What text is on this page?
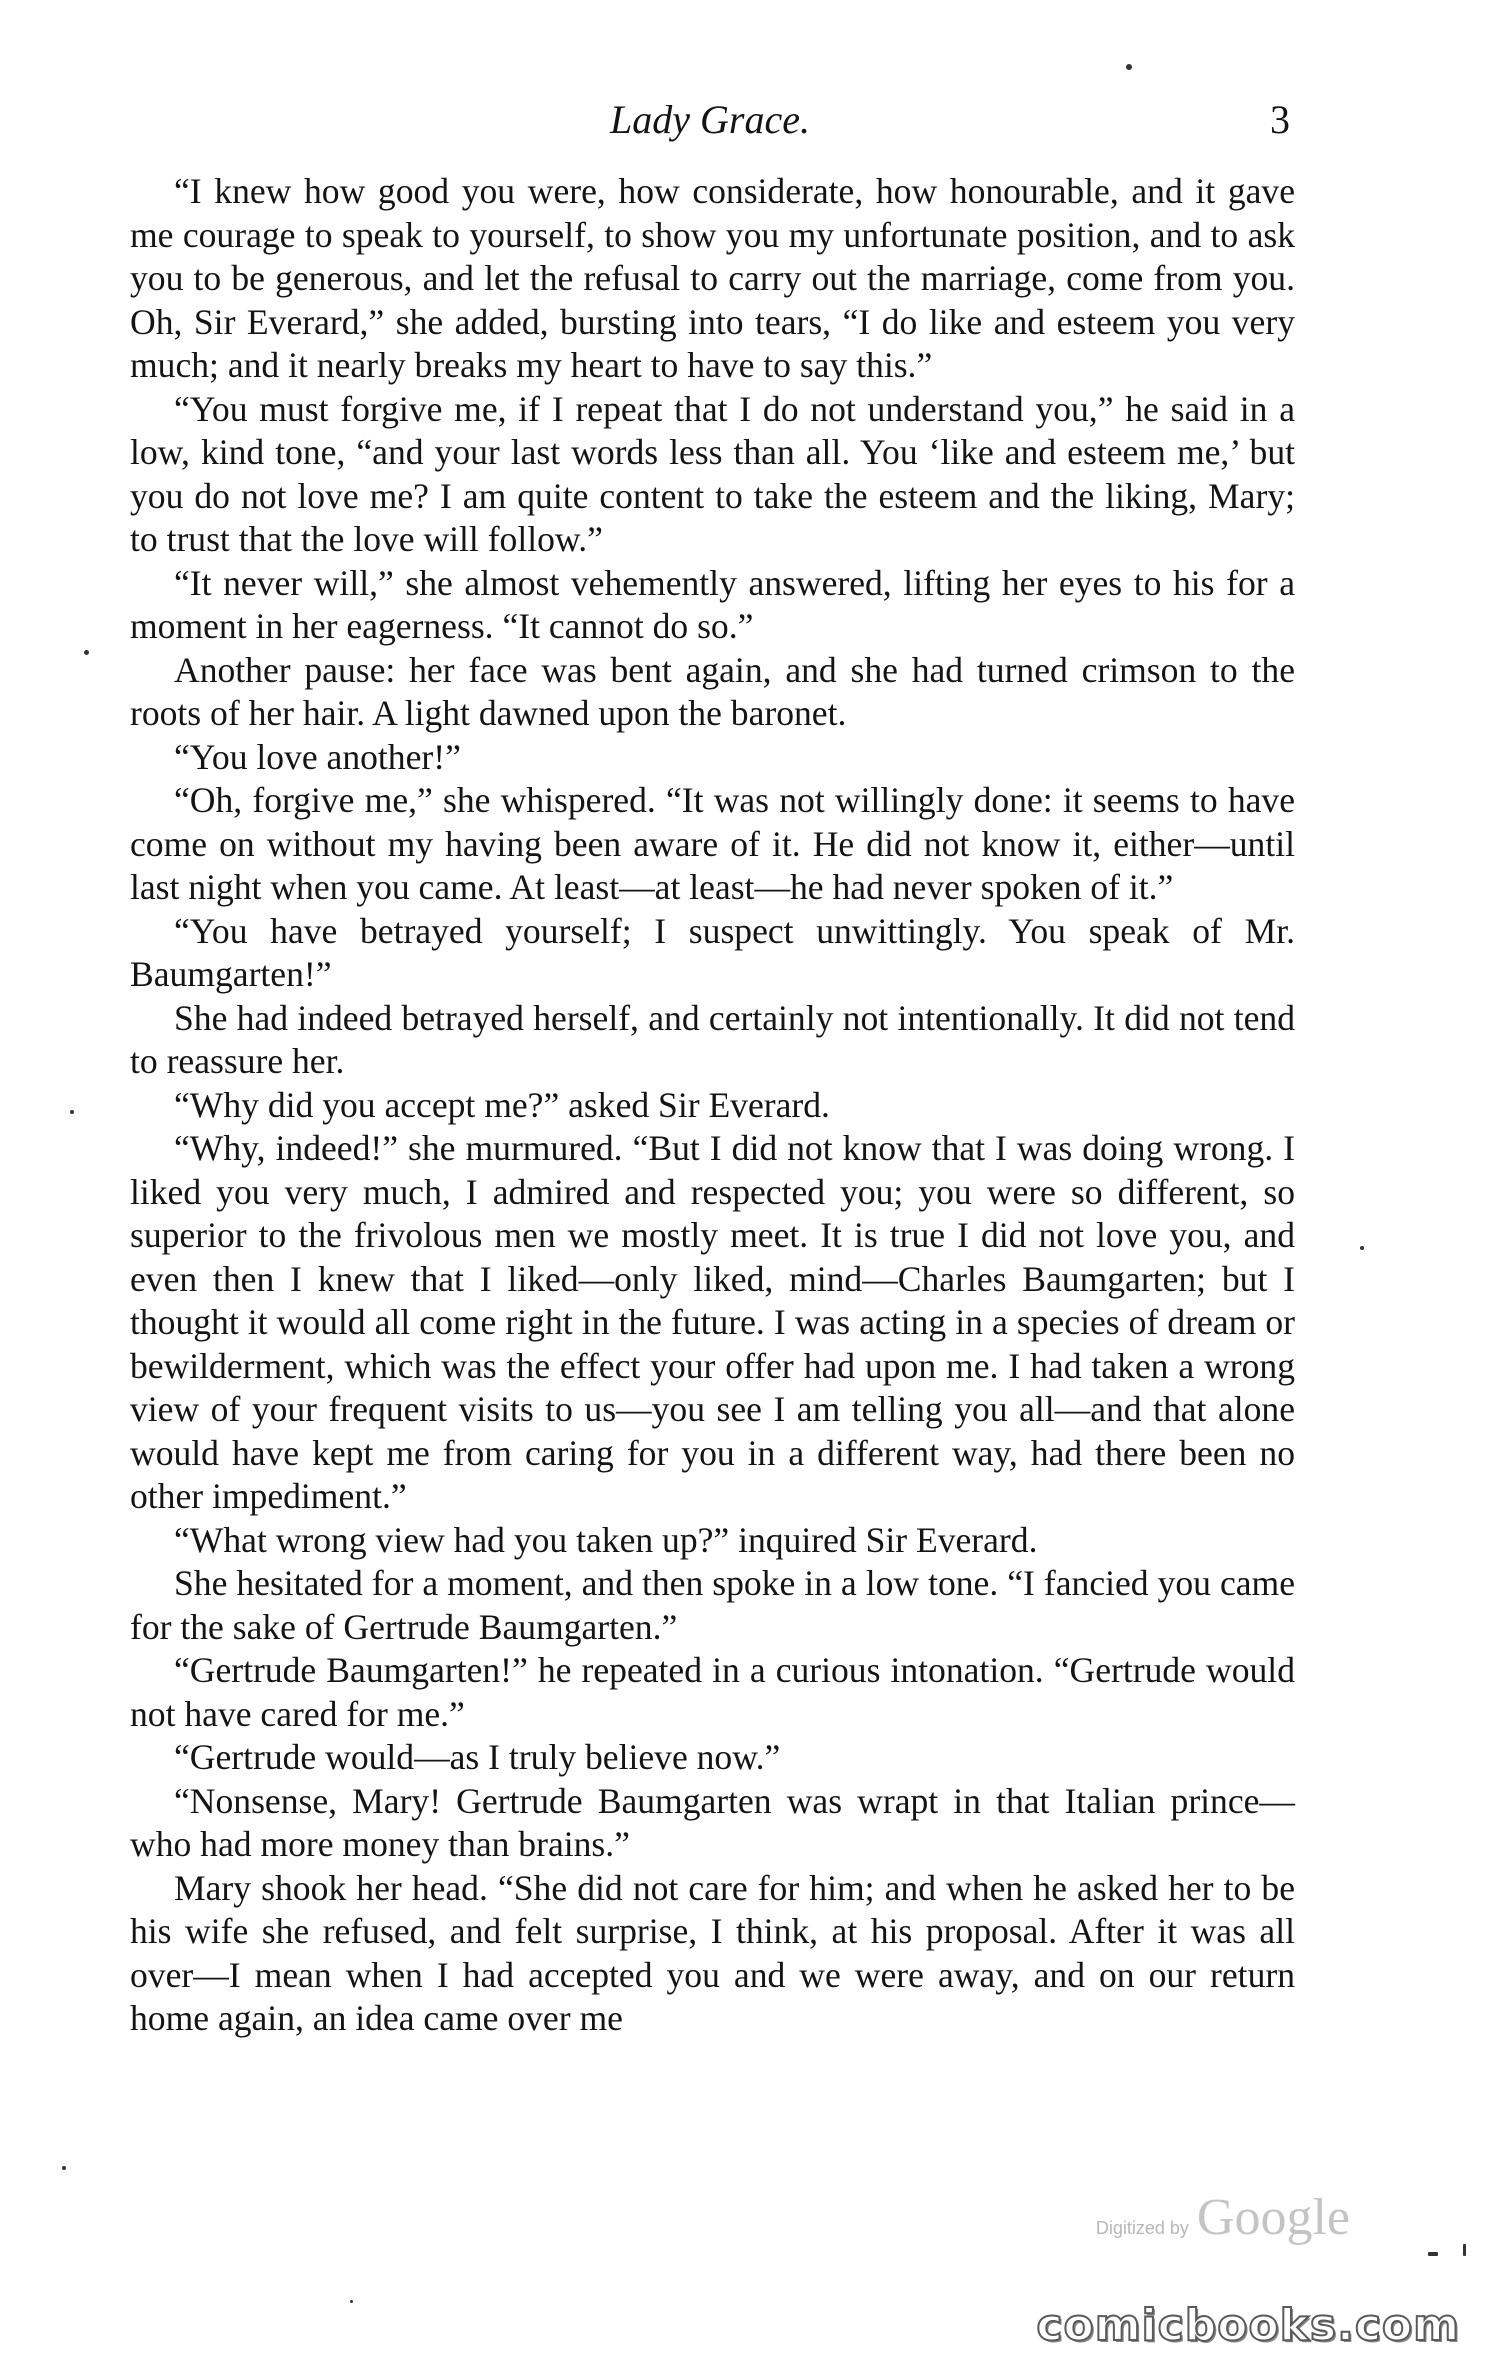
Lady Grace.	3

“I knew how good you were, how considerate, how honourable, and it gave me courage to speak to yourself, to show you my unfortunate position, and to ask you to be generous, and let the refusal to carry out the marriage, come from you. Oh, Sir Everard,” she added, bursting into tears, “I do like and esteem you very much; and it nearly breaks my heart to have to say this.”

“You must forgive me, if I repeat that I do not understand you,” he said in a low, kind tone, “and your last words less than all. You ‘like and esteem me,’ but you do not love me? I am quite content to take the esteem and the liking, Mary; to trust that the love will follow.”

“It never will,” she almost vehemently answered, lifting her eyes to his for a moment in her eagerness. “It cannot do so.”

Another pause: her face was bent again, and she had turned crimson to the roots of her hair. A light dawned upon the baronet.

“You love another!”

“Oh, forgive me,” she whispered. “It was not willingly done: it seems to have come on without my having been aware of it. He did not know it, either—until last night when you came. At least—at least—he had never spoken of it.”

“You have betrayed yourself; I suspect unwittingly. You speak of Mr. Baumgarten!”

She had indeed betrayed herself, and certainly not intentionally. It did not tend to reassure her.

“Why did you accept me?” asked Sir Everard.

“Why, indeed!” she murmured. “But I did not know that I was doing wrong. I liked you very much, I admired and respected you; you were so different, so superior to the frivolous men we mostly meet. It is true I did not love you, and even then I knew that I liked—only liked, mind—Charles Baumgarten; but I thought it would all come right in the future. I was acting in a species of dream or bewilderment, which was the effect your offer had upon me. I had taken a wrong view of your frequent visits to us—you see I am telling you all—and that alone would have kept me from caring for you in a different way, had there been no other impediment.”

“What wrong view had you taken up?” inquired Sir Everard.

She hesitated for a moment, and then spoke in a low tone. “I fancied you came for the sake of Gertrude Baumgarten.”

“Gertrude Baumgarten!” he repeated in a curious intonation. “Gertrude would not have cared for me.”

“Gertrude would—as I truly believe now.”

“Nonsense, Mary! Gertrude Baumgarten was wrapt in that Italian prince—who had more money than brains.”

Mary shook her head. “She did not care for him; and when he asked her to be his wife she refused, and felt surprise, I think, at his proposal. After it was all over—I mean when I had accepted you and we were away, and on our return home again, an idea came over me

Digitized by Google
comicbooks.com
